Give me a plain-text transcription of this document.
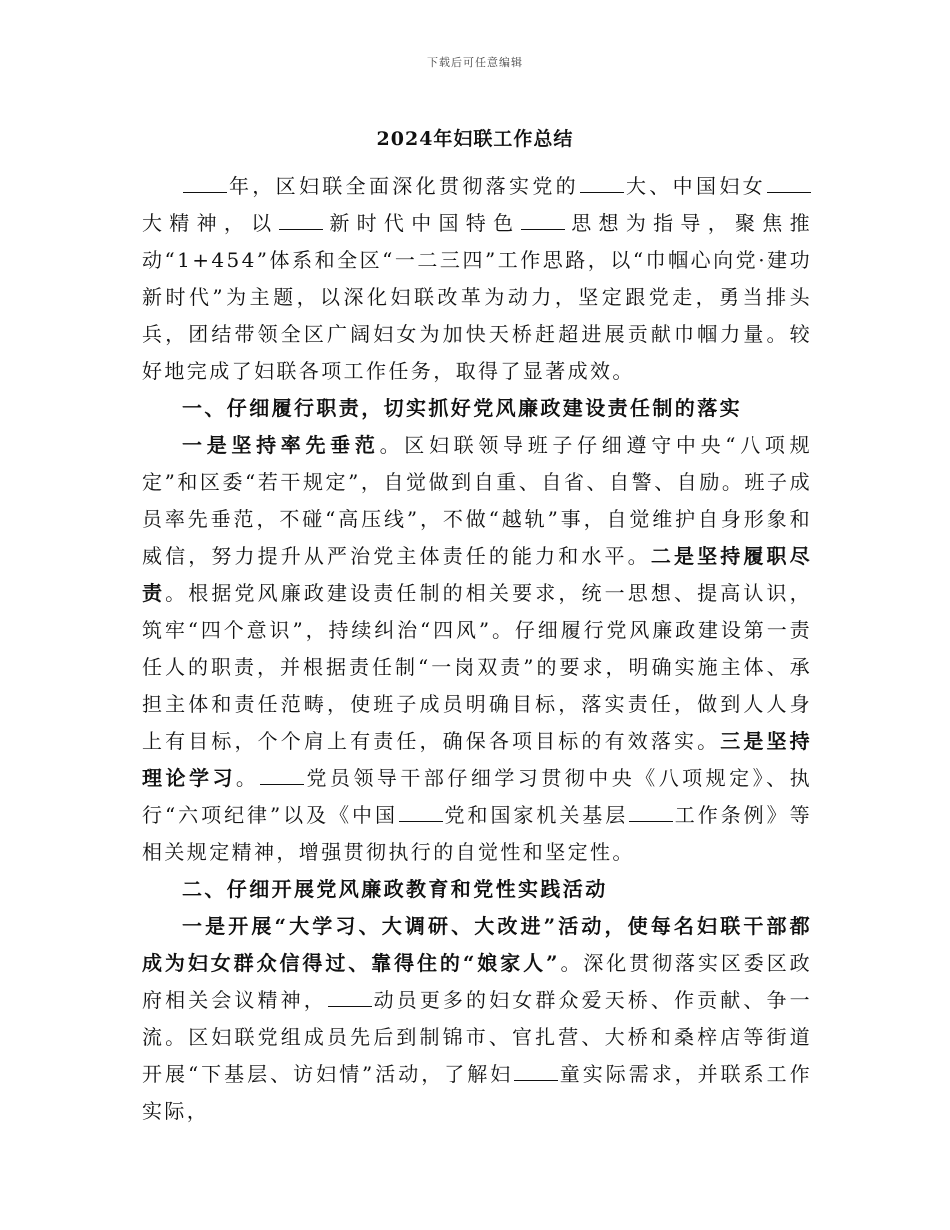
下载后可任意编辑
2024年妇联工作总结

年，区妇联全面深化贯彻落实党的 大、中国妇女大精神，以 新时代中国特色 思想为指导，聚焦推动“1+454”体系和全区“一二三四”工作思路，以“巾帼心向党·建功新时代”为主题，以深化妇联改革为动力，坚定跟党走，勇当排头兵，团结带领全区广阔妇女为加快天桥赶超进展贡献巾帼力量。较好地完成了妇联各项工作任务，取得了显著成效。

一、仔细履行职责，切实抓好党风廉政建设责任制的落实

一是坚持率先垂范。区妇联领导班子仔细遵守中央“八项规定”和区委“若干规定”，自觉做到自重、自省、自警、自励。班子成员率先垂范，不碰“高压线”，不做“越轨”事，自觉维护自身形象和威信，努力提升从严治党主体责任的能力和水平。二是坚持履职尽责。根据党风廉政建设责任制的相关要求，统一思想、提高认识，筑牢“四个意识”，持续纠治“四风”。仔细履行党风廉政建设第一责任人的职责，并根据责任制“一岗双责”的要求，明确实施主体、承担主体和责任范畴，使班子成员明确目标，落实责任，做到人人身上有目标，个个肩上有责任，确保各项目标的有效落实。三是坚持理论学习。 党员领导干部仔细学习贯彻中央《八项规定》、执行“六项纪律”以及《中国 党和国家机关基层 工作条例》等相关规定精神，增强贯彻执行的自觉性和坚定性。

二、仔细开展党风廉政教育和党性实践活动

一是开展“大学习、大调研、大改进”活动，使每名妇联干部都成为妇女群众信得过、靠得住的“娘家人”。深化贯彻落实区委区政府相关会议精神， 动员更多的妇女群众爱天桥、作贡献、争一流。区妇联党组成员先后到制锦市、官扎营、大桥和桑梓店等街道开展“下基层、访妇情”活动，了解妇 童实际需求，并联系工作实际，
